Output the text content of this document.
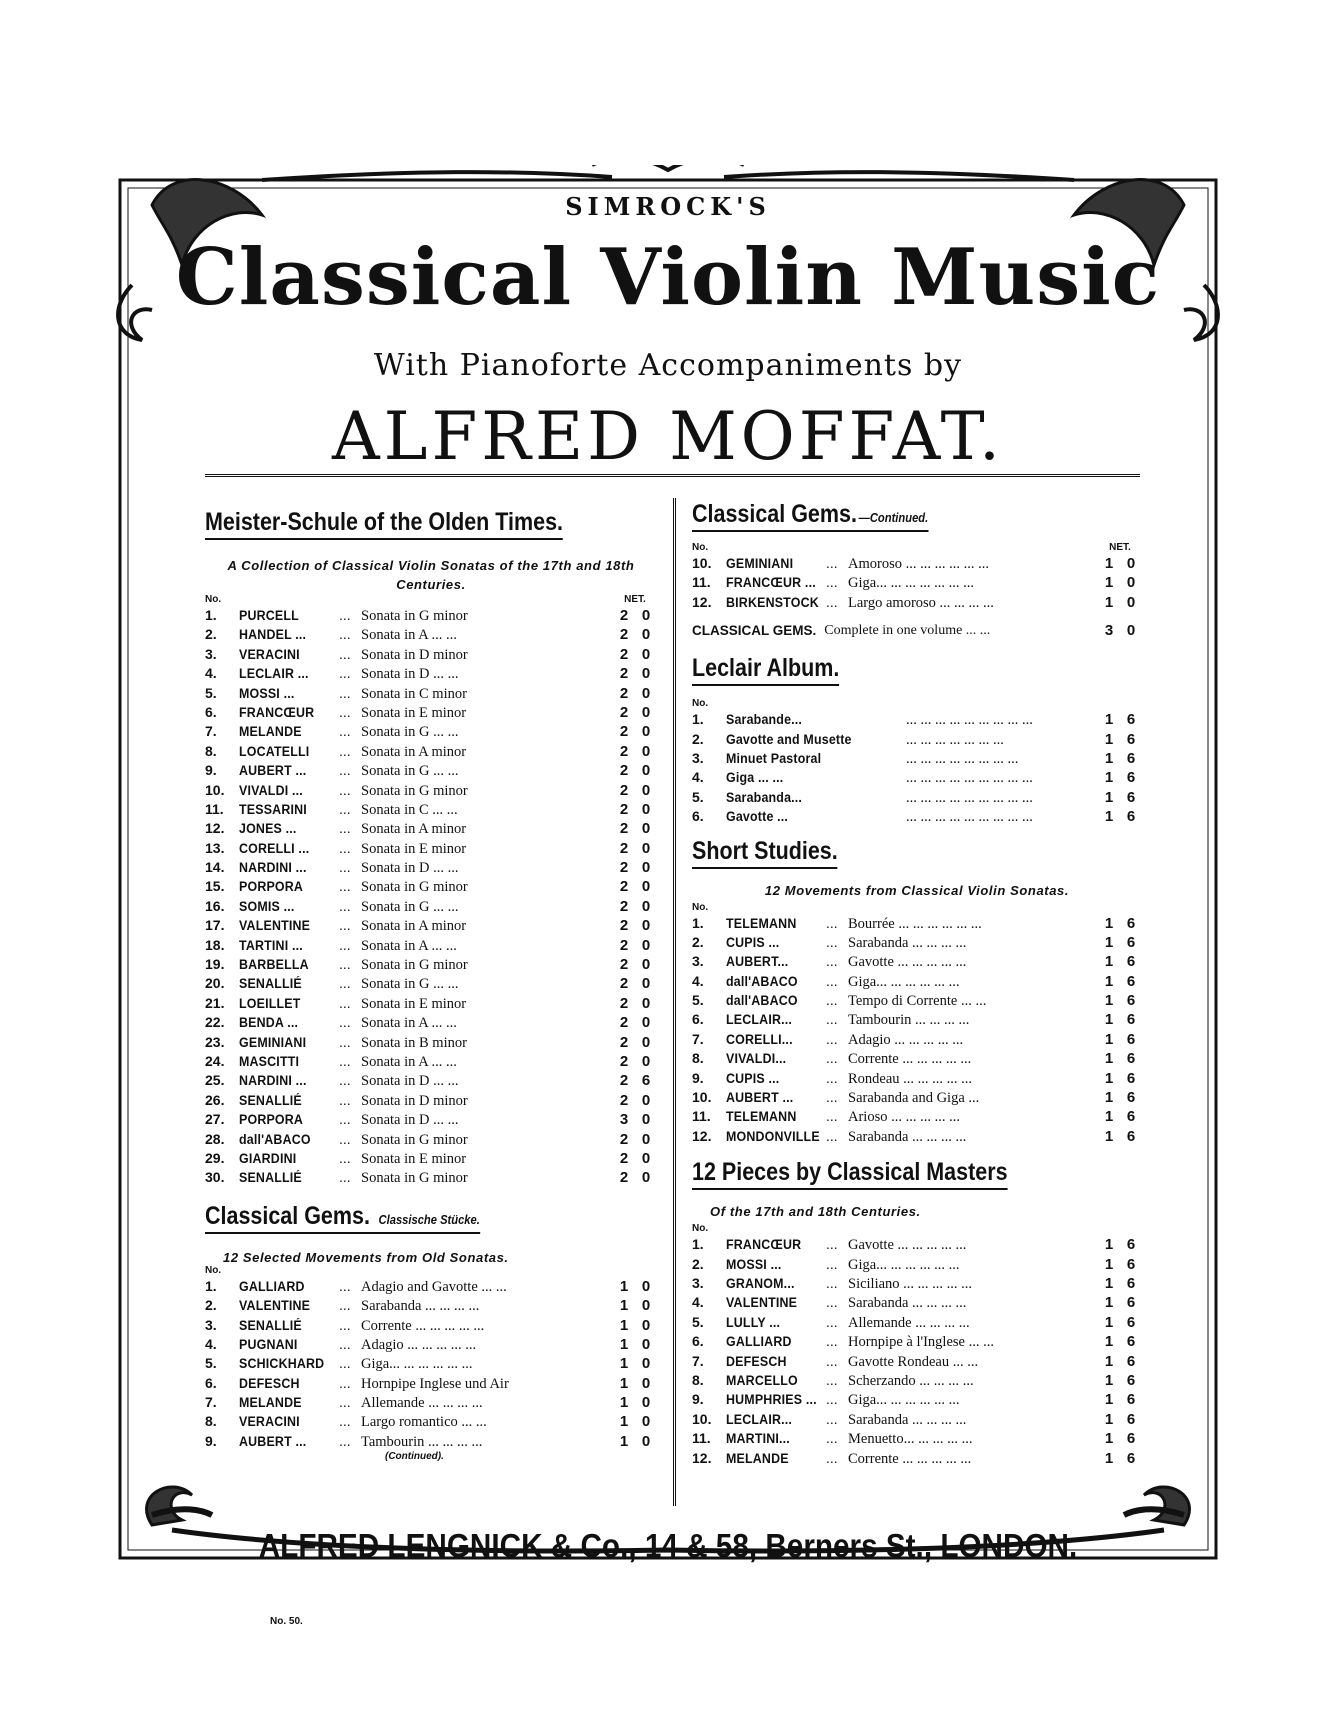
SIMROCK'S
Classical Violin Music
With Pianoforte Accompaniments by
ALFRED MOFFAT.
Meister-Schule of the Olden Times.
A Collection of Classical Violin Sonatas of the 17th and 18th Centuries.
No.	NET.
1.	PURCELL	... Sonata in G minor	2 0
2.	HANDEL ...	... Sonata in A ... ...	2 0
3.	VERACINI	... Sonata in D minor	2 0
4.	LECLAIR ...	... Sonata in D ... ...	2 0
5.	MOSSI ...	... Sonata in C minor	2 0
6.	FRANCŒUR	... Sonata in E minor	2 0
7.	MELANDE	... Sonata in G ... ...	2 0
8.	LOCATELLI	... Sonata in A minor	2 0
9.	AUBERT ...	... Sonata in G ... ...	2 0
10.	VIVALDI ...	... Sonata in G minor	2 0
11.	TESSARINI	... Sonata in C ... ...	2 0
12.	JONES ...	... Sonata in A minor	2 0
13.	CORELLI ...	... Sonata in E minor	2 0
14.	NARDINI ...	... Sonata in D ... ...	2 0
15.	PORPORA	... Sonata in G minor	2 0
16.	SOMIS ...	... Sonata in G ... ...	2 0
17.	VALENTINE	... Sonata in A minor	2 0
18.	TARTINI ...	... Sonata in A ... ...	2 0
19.	BARBELLA	... Sonata in G minor	2 0
20.	SENALLIÉ	... Sonata in G ... ...	2 0
21.	LOEILLET	... Sonata in E minor	2 0
22.	BENDA ...	... Sonata in A ... ...	2 0
23.	GEMINIANI	... Sonata in B minor	2 0
24.	MASCITTI	... Sonata in A ... ...	2 0
25.	NARDINI ...	... Sonata in D ... ...	2 6
26.	SENALLIÉ	... Sonata in D minor	2 0
27.	PORPORA	... Sonata in D ... ...	3 0
28.	dall'ABACO	... Sonata in G minor	2 0
29.	GIARDINI	... Sonata in E minor	2 0
30.	SENALLIÉ	... Sonata in G minor	2 0
Classical Gems. Classische Stücke.
12 Selected Movements from Old Sonatas.
No.
1.	GALLIARD	... Adagio and Gavotte ... ...	1 0
2.	VALENTINE	... Sarabanda ... ... ... ...	1 0
3.	SENALLIÉ	... Corrente ... ... ... ... ...	1 0
4.	PUGNANI	... Adagio ... ... ... ... ...	1 0
5.	SCHICKHARD	... Giga... ... ... ... ... ...	1 0
6.	DEFESCH	... Hornpipe Inglese und Air	1 0
7.	MELANDE	... Allemande ... ... ... ...	1 0
8.	VERACINI	... Largo romantico ... ...	1 0
9.	AUBERT ...	... Tambourin ... ... ... ...	1 0
(Continued).
Classical Gems. —Continued.
No.	NET.
10.	GEMINIANI	... Amoroso ... ... ... ... ... ...	1 0
11.	FRANCŒUR ... ... Giga... ... ... ... ... ... ...	1 0
12.	BIRKENSTOCK ... Largo amoroso ... ... ... ...	1 0
CLASSICAL GEMS. Complete in one volume ... ...	3 0
Leclair Album.
No.
1.	Sarabande...	... ... ... ... ... ... ... ... ...	1 6
2.	Gavotte and Musette	... ... ... ... ... ... ...	1 6
3.	Minuet Pastoral	... ... ... ... ... ... ... ...	1 6
4.	Giga ... ...	... ... ... ... ... ... ... ... ...	1 6
5.	Sarabanda...	... ... ... ... ... ... ... ... ...	1 6
6.	Gavotte ...	... ... ... ... ... ... ... ... ...	1 6
Short Studies.
12 Movements from Classical Violin Sonatas.
No.
1.	TELEMANN	... Bourrée ... ... ... ... ... ...	1 6
2.	CUPIS ...	... Sarabanda ... ... ... ...	1 6
3.	AUBERT...	... Gavotte ... ... ... ... ...	1 6
4.	dall'ABACO	... Giga... ... ... ... ... ...	1 6
5.	dall'ABACO	... Tempo di Corrente ... ...	1 6
6.	LECLAIR...	... Tambourin ... ... ... ...	1 6
7.	CORELLI...	... Adagio ... ... ... ... ...	1 6
8.	VIVALDI...	... Corrente ... ... ... ... ...	1 6
9.	CUPIS ...	... Rondeau ... ... ... ... ...	1 6
10.	AUBERT ...	... Sarabanda and Giga ...	1 6
11.	TELEMANN	... Arioso ... ... ... ... ...	1 6
12.	MONDONVILLE ... Sarabanda ... ... ... ...	1 6
12 Pieces by Classical Masters
Of the 17th and 18th Centuries.
No.
1.	FRANCŒUR	... Gavotte ... ... ... ... ...	1 6
2.	MOSSI ...	... Giga... ... ... ... ... ...	1 6
3.	GRANOM...	... Siciliano ... ... ... ... ...	1 6
4.	VALENTINE	... Sarabanda ... ... ... ...	1 6
5.	LULLY ...	... Allemande ... ... ... ...	1 6
6.	GALLIARD	... Hornpipe à l'Inglese ... ...	1 6
7.	DEFESCH	... Gavotte Rondeau ... ...	1 6
8.	MARCELLO	... Scherzando ... ... ... ...	1 6
9.	HUMPHRIES ... ... Giga... ... ... ... ... ...	1 6
10.	LECLAIR...	... Sarabanda ... ... ... ...	1 6
11.	MARTINI...	... Menuetto... ... ... ... ...	1 6
12.	MELANDE	... Corrente ... ... ... ... ...	1 6
ALFRED LENGNICK & Co., 14 & 58, Berners St., LONDON.
No. 50.
